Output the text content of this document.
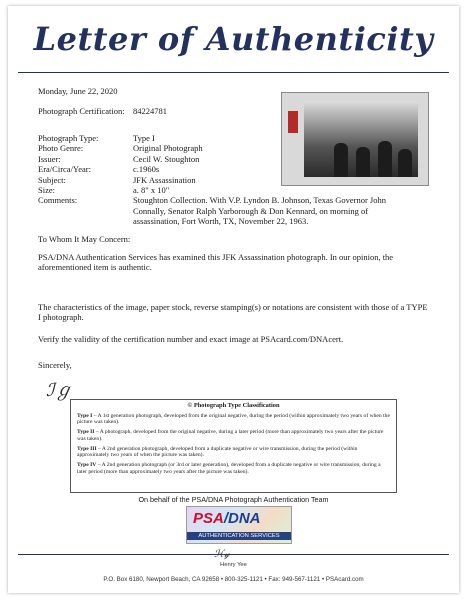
Letter of Authenticity
Monday, June 22, 2020
Photograph Certification: 84224781
Photograph Type:	Type I
Photo Genre:	Original Photograph
Issuer:	Cecil W. Stoughton
Era/Circa/Year:	c.1960s
Subject:	JFK Assassination
Size:	a. 8" x 10"
Comments:	Stoughton Collection. With V.P. Lyndon B. Johnson, Texas Governor John Connally, Senator Ralph Yarborough & Don Kennard, on morning of assassination, Fort Worth, TX, November 22, 1963.
To Whom It May Concern:
PSA/DNA Authentication Services has examined this JFK Assassination photograph. In our opinion, the aforementioned item is authentic.
The characteristics of the image, paper stock, reverse stamping(s) or notations are consistent with those of a TYPE I photograph.
Verify the validity of the certification number and exact image at PSAcard.com/DNAcert.
Sincerely,
ℐℊ
© Photograph Type Classification

Type I – A 1st generation photograph, developed from the original negative, during the period (within approximately two years of when the picture was taken).

Type II – A photograph, developed from the original negative, during a later period (more than approximately two years after the picture was taken).

Type III – A 2nd generation photograph, developed from a duplicate negative or wire transmission, during the period (within approximately two years of when the picture was taken).

Type IV – A 2nd generation photograph (or 3rd or later generation), developed from a duplicate negative or wire transmission, during a later period (more than approximately two years after the picture was taken).

On behalf of the PSA/DNA Photograph Authentication Team
PSA/DNA
AUTHENTICATION SERVICES
ℋ𝓎
Henry Yee
P.O. Box 6180, Newport Beach, CA 92658 • 800-325-1121 • Fax: 949-567-1121 • PSAcard.com
